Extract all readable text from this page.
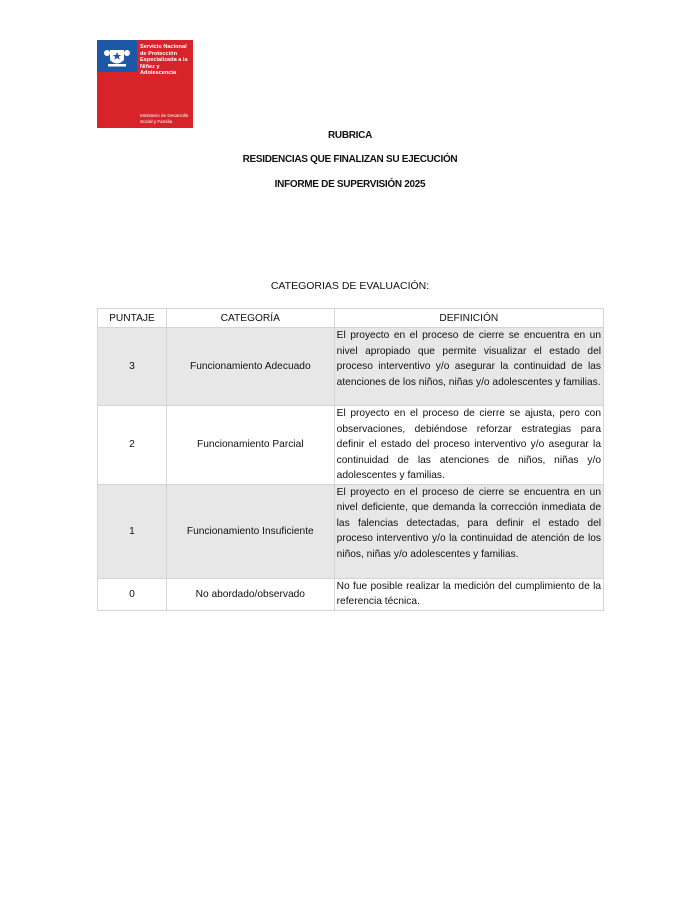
Servicio Nacional de Protección Especializada a la Niñez y Adolescencia
Ministerio de Desarrollo Social y Familia
RUBRICA
RESIDENCIAS QUE FINALIZAN SU EJECUCIÓN
INFORME DE SUPERVISIÓN 2025
CATEGORIAS DE EVALUACIÓN:
PUNTAJE	CATEGORÍA	DEFINICIÓN
3	Funcionamiento Adecuado	El proyecto en el proceso de cierre se encuentra en un nivel apropiado que permite visualizar el estado del proceso interventivo y/o asegurar la continuidad de las atenciones de los niños, niñas y/o adolescentes y familias.
2	Funcionamiento Parcial	El proyecto en el proceso de cierre se ajusta, pero con observaciones, debiéndose reforzar estrategias para definir el estado del proceso interventivo y/o asegurar la continuidad de las atenciones de niños, niñas y/o adolescentes y familias.
1	Funcionamiento Insuficiente	El proyecto en el proceso de cierre se encuentra en un nivel deficiente, que demanda la corrección inmediata de las falencias detectadas, para definir el estado del proceso interventivo y/o la continuidad de atención de los niños, niñas y/o adolescentes y familias.
0	No abordado/observado	No fue posible realizar la medición del cumplimiento de la referencia técnica.
